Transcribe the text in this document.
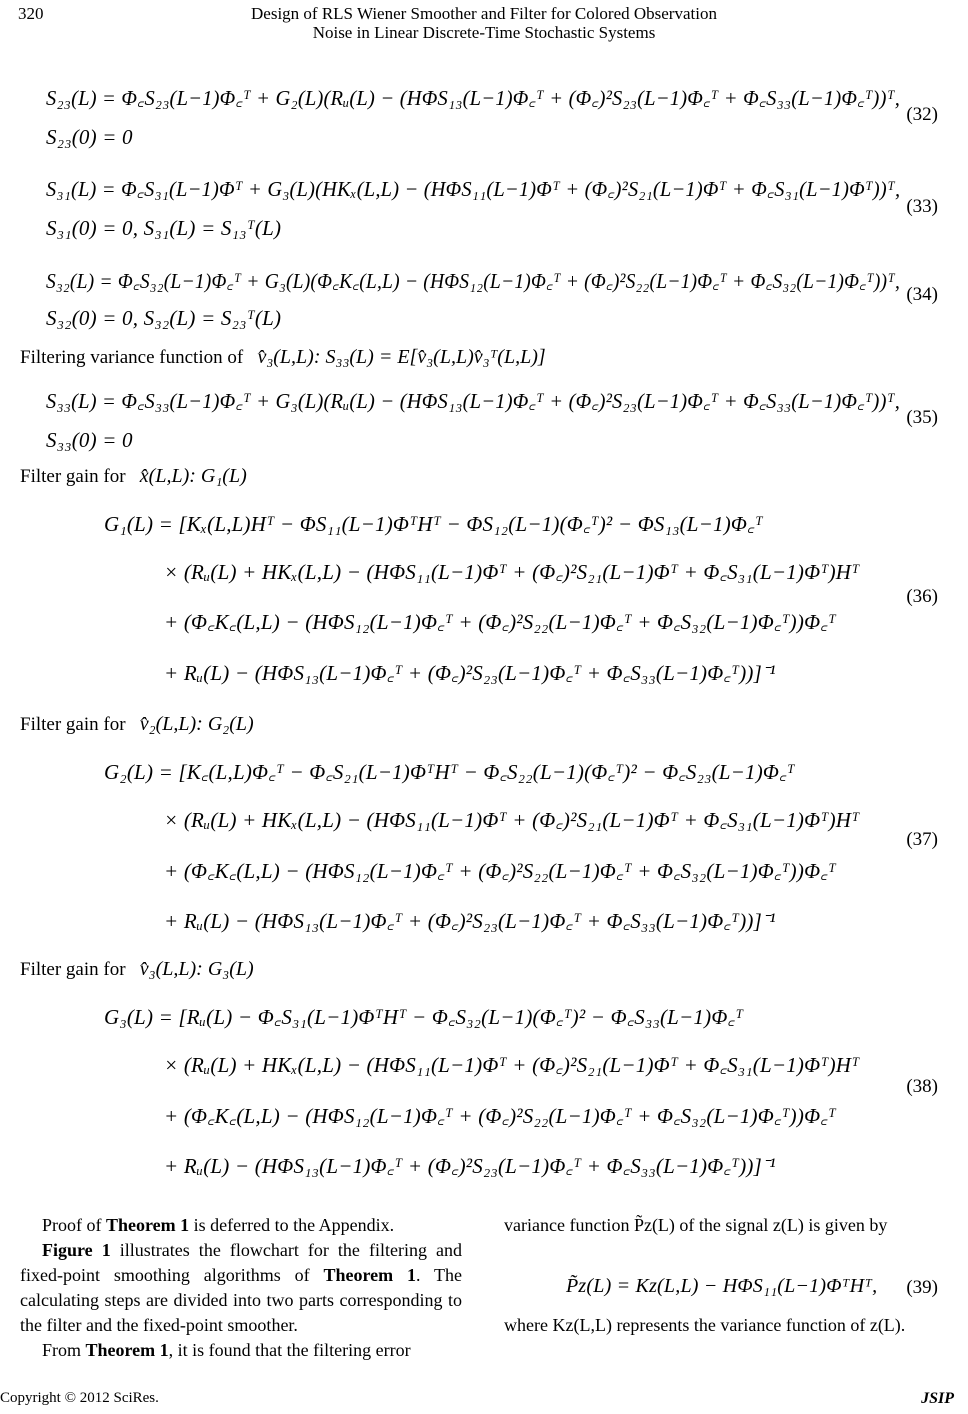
320	Design of RLS Wiener Smoother and Filter for Colored Observation
Noise in Linear Discrete-Time Stochastic Systems
S₂₃(L) = Φ꜀S₂₃(L−1)Φ꜀ᵀ + G₂(L)(Rᵤ(L) − (HΦS₁₃(L−1)Φ꜀ᵀ + (Φ꜀)²S₂₃(L−1)Φ꜀ᵀ + Φ꜀S₃₃(L−1)Φ꜀ᵀ))ᵀ,
S₂₃(0) = 0
(32)
S₃₁(L) = Φ꜀S₃₁(L−1)Φᵀ + G₃(L)(HKₓ(L,L) − (HΦS₁₁(L−1)Φᵀ + (Φ꜀)²S₂₁(L−1)Φᵀ + Φ꜀S₃₁(L−1)Φᵀ))ᵀ,
S₃₁(0) = 0, S₃₁(L) = S₁₃ᵀ(L)
(33)
S₃₂(L) = Φ꜀S₃₂(L−1)Φ꜀ᵀ + G₃(L)(Φ꜀K꜀(L,L) − (HΦS₁₂(L−1)Φ꜀ᵀ + (Φ꜀)²S₂₂(L−1)Φ꜀ᵀ + Φ꜀S₃₂(L−1)Φ꜀ᵀ))ᵀ,
S₃₂(0) = 0, S₃₂(L) = S₂₃ᵀ(L)
(34)
Filtering variance function of v̂₃(L,L): S₃₃(L) = E[v̂₃(L,L)v̂₃ᵀ(L,L)]
S₃₃(L) = Φ꜀S₃₃(L−1)Φ꜀ᵀ + G₃(L)(Rᵤ(L) − (HΦS₁₃(L−1)Φ꜀ᵀ + (Φ꜀)²S₂₃(L−1)Φ꜀ᵀ + Φ꜀S₃₃(L−1)Φ꜀ᵀ))ᵀ,
S₃₃(0) = 0
(35)
Filter gain for x̂(L,L): G₁(L)
G₁(L) = [Kₓ(L,L)Hᵀ − ΦS₁₁(L−1)ΦᵀHᵀ − ΦS₁₂(L−1)(Φ꜀ᵀ)² − ΦS₁₃(L−1)Φ꜀ᵀ
× (Rᵤ(L) + HKₓ(L,L) − (HΦS₁₁(L−1)Φᵀ + (Φ꜀)²S₂₁(L−1)Φᵀ + Φ꜀S₃₁(L−1)Φᵀ)Hᵀ
+ (Φ꜀K꜀(L,L) − (HΦS₁₂(L−1)Φ꜀ᵀ + (Φ꜀)²S₂₂(L−1)Φ꜀ᵀ + Φ꜀S₃₂(L−1)Φ꜀ᵀ))Φ꜀ᵀ
+ Rᵤ(L) − (HΦS₁₃(L−1)Φ꜀ᵀ + (Φ꜀)²S₂₃(L−1)Φ꜀ᵀ + Φ꜀S₃₃(L−1)Φ꜀ᵀ))]⁻¹
(36)
Filter gain for v̂₂(L,L): G₂(L)
G₂(L) = [K꜀(L,L)Φ꜀ᵀ − Φ꜀S₂₁(L−1)ΦᵀHᵀ − Φ꜀S₂₂(L−1)(Φ꜀ᵀ)² − Φ꜀S₂₃(L−1)Φ꜀ᵀ
× (Rᵤ(L) + HKₓ(L,L) − (HΦS₁₁(L−1)Φᵀ + (Φ꜀)²S₂₁(L−1)Φᵀ + Φ꜀S₃₁(L−1)Φᵀ)Hᵀ
+ (Φ꜀K꜀(L,L) − (HΦS₁₂(L−1)Φ꜀ᵀ + (Φ꜀)²S₂₂(L−1)Φ꜀ᵀ + Φ꜀S₃₂(L−1)Φ꜀ᵀ))Φ꜀ᵀ
+ Rᵤ(L) − (HΦS₁₃(L−1)Φ꜀ᵀ + (Φ꜀)²S₂₃(L−1)Φ꜀ᵀ + Φ꜀S₃₃(L−1)Φ꜀ᵀ))]⁻¹
(37)
Filter gain for v̂₃(L,L): G₃(L)
G₃(L) = [Rᵤ(L) − Φ꜀S₃₁(L−1)ΦᵀHᵀ − Φ꜀S₃₂(L−1)(Φ꜀ᵀ)² − Φ꜀S₃₃(L−1)Φ꜀ᵀ
× (Rᵤ(L) + HKₓ(L,L) − (HΦS₁₁(L−1)Φᵀ + (Φ꜀)²S₂₁(L−1)Φᵀ + Φ꜀S₃₁(L−1)Φᵀ)Hᵀ
+ (Φ꜀K꜀(L,L) − (HΦS₁₂(L−1)Φ꜀ᵀ + (Φ꜀)²S₂₂(L−1)Φ꜀ᵀ + Φ꜀S₃₂(L−1)Φ꜀ᵀ))Φ꜀ᵀ
+ Rᵤ(L) − (HΦS₁₃(L−1)Φ꜀ᵀ + (Φ꜀)²S₂₃(L−1)Φ꜀ᵀ + Φ꜀S₃₃(L−1)Φ꜀ᵀ))]⁻¹
(38)
Proof of Theorem 1 is deferred to the Appendix.
Figure 1 illustrates the flowchart for the filtering and fixed-point smoothing algorithms of Theorem 1. The calculating steps are divided into two parts corresponding to the filter and the fixed-point smoother.
From Theorem 1, it is found that the filtering error
variance function P̃z(L) of the signal z(L) is given by
P̃z(L) = Kz(L,L) − HΦS₁₁(L−1)ΦᵀHᵀ, (39)
where Kz(L,L) represents the variance function of z(L).
Copyright © 2012 SciRes.	JSIP
